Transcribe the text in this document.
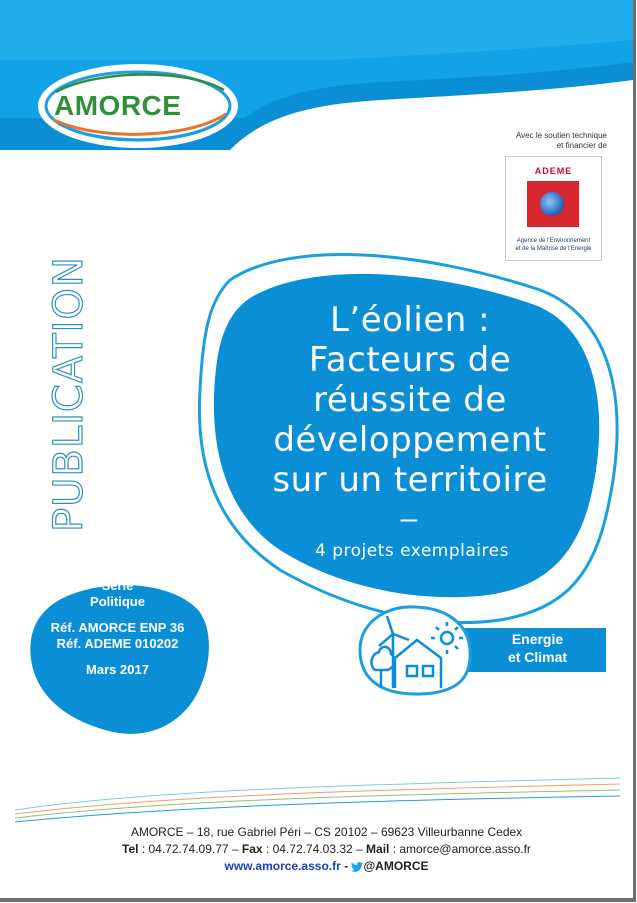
AMORCE
Avec le soutien technique
et financier de
ADEME
Agence de l’Environnement
et de la Maîtrise de l’Energie
PUBLICATION	L’éolien :
Facteurs de
réussite de
développement
sur un territoire
–
4 projets exemplaires
Série
Politique
Réf. AMORCE ENP 36
Réf. ADEME 010202
Mars 2017
Energie
et Climat
AMORCE – 18, rue Gabriel Péri – CS 20102 – 69623 Villeurbanne Cedex
Tel : 04.72.74.09.77 – Fax : 04.72.74.03.32 – Mail : amorce@amorce.asso.fr
www.amorce.asso.fr - @AMORCE
